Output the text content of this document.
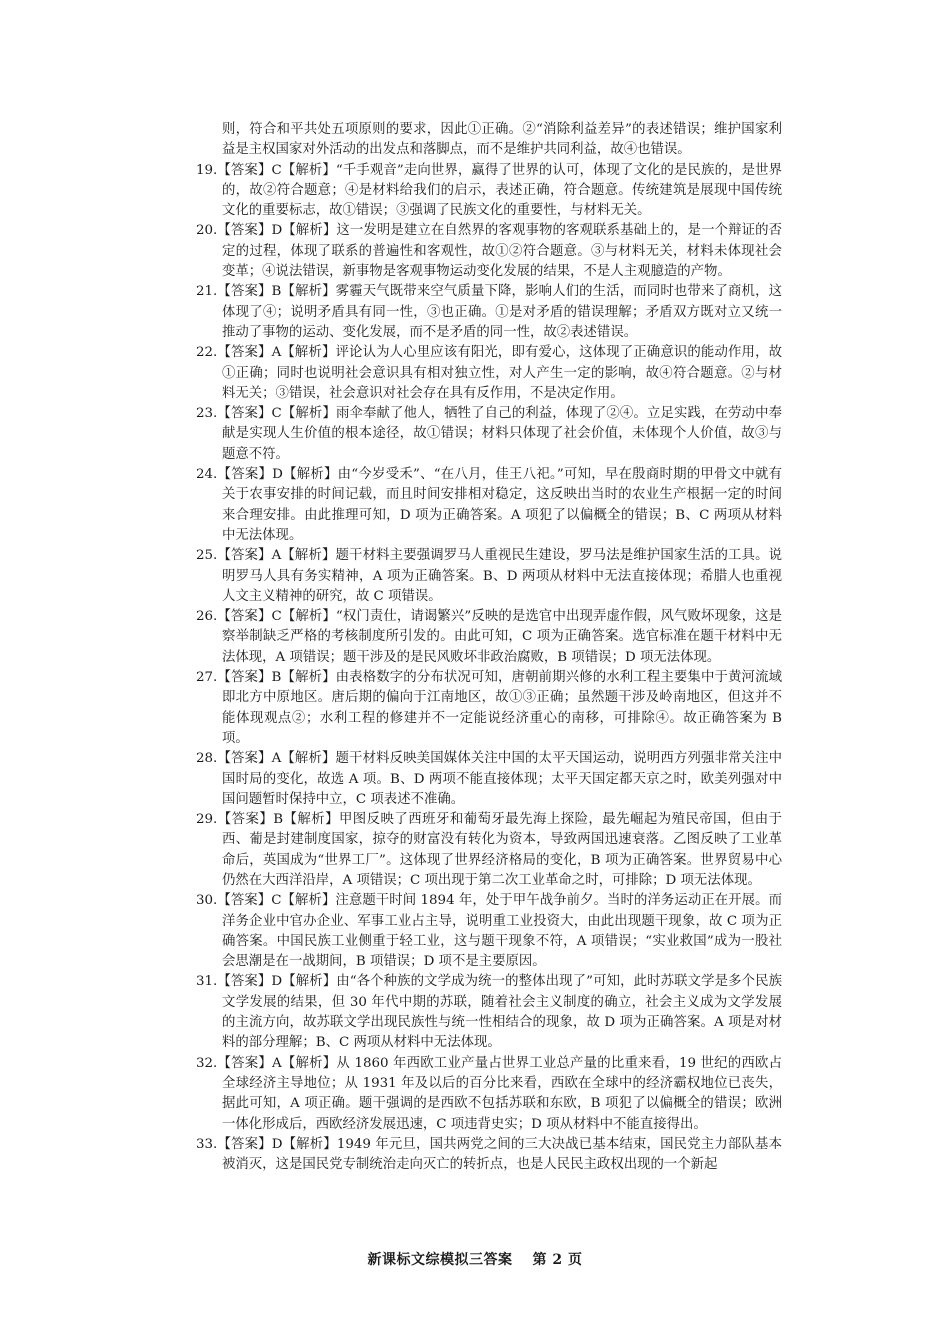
则，符合和平共处五项原则的要求，因此①正确。②“消除利益差异”的表述错误；维护国家利益是主权国家对外活动的出发点和落脚点，而不是维护共同利益，故④也错误。
19.【答案】C【解析】“千手观音”走向世界，赢得了世界的认可，体现了文化的是民族的，是世界的，故②符合题意；④是材料给我们的启示，表述正确，符合题意。传统建筑是展现中国传统文化的重要标志，故①错误；③强调了民族文化的重要性，与材料无关。
20.【答案】D【解析】这一发明是建立在自然界的客观事物的客观联系基础上的，是一个辩证的否定的过程，体现了联系的普遍性和客观性，故①②符合题意。③与材料无关，材料未体现社会变革；④说法错误，新事物是客观事物运动变化发展的结果，不是人主观臆造的产物。
21.【答案】B【解析】雾霾天气既带来空气质量下降，影响人们的生活，而同时也带来了商机，这体现了④；说明矛盾具有同一性，③也正确。①是对矛盾的错误理解；矛盾双方既对立又统一推动了事物的运动、变化发展，而不是矛盾的同一性，故②表述错误。
22.【答案】A【解析】评论认为人心里应该有阳光，即有爱心，这体现了正确意识的能动作用，故①正确；同时也说明社会意识具有相对独立性，对人产生一定的影响，故④符合题意。②与材料无关；③错误，社会意识对社会存在具有反作用，不是决定作用。
23.【答案】C【解析】雨伞奉献了他人，牺牲了自己的利益，体现了②④。立足实践，在劳动中奉献是实现人生价值的根本途径，故①错误；材料只体现了社会价值，未体现个人价值，故③与题意不符。
24.【答案】D【解析】由“今岁受禾”、“在八月，佳王八祀。”可知，早在殷商时期的甲骨文中就有关于农事安排的时间记载，而且时间安排相对稳定，这反映出当时的农业生产根据一定的时间来合理安排。由此推理可知，D 项为正确答案。A 项犯了以偏概全的错误；B、C 两项从材料中无法体现。
25.【答案】A【解析】题干材料主要强调罗马人重视民生建设，罗马法是维护国家生活的工具。说明罗马人具有务实精神，A 项为正确答案。B、D 两项从材料中无法直接体现；希腊人也重视人文主义精神的研究，故 C 项错误。
26.【答案】C【解析】“权门责仕，请谒繁兴”反映的是选官中出现弄虚作假，风气败坏现象，这是察举制缺乏严格的考核制度所引发的。由此可知，C 项为正确答案。选官标准在题干材料中无法体现，A 项错误；题干涉及的是民风败坏非政治腐败，B 项错误；D 项无法体现。
27.【答案】B【解析】由表格数字的分布状况可知，唐朝前期兴修的水利工程主要集中于黄河流域即北方中原地区。唐后期的偏向于江南地区，故①③正确；虽然题干涉及岭南地区，但这并不能体现观点②；水利工程的修建并不一定能说经济重心的南移，可排除④。故正确答案为 B 项。
28.【答案】A【解析】题干材料反映美国媒体关注中国的太平天国运动，说明西方列强非常关注中国时局的变化，故选 A 项。B、D 两项不能直接体现；太平天国定都天京之时，欧美列强对中国问题暂时保持中立，C 项表述不准确。
29.【答案】B【解析】甲图反映了西班牙和葡萄牙最先海上探险，最先崛起为殖民帝国，但由于西、葡是封建制度国家，掠夺的财富没有转化为资本，导致两国迅速衰落。乙图反映了工业革命后，英国成为“世界工厂”。这体现了世界经济格局的变化，B 项为正确答案。世界贸易中心仍然在大西洋沿岸，A 项错误；C 项出现于第二次工业革命之时，可排除；D 项无法体现。
30.【答案】C【解析】注意题干时间 1894 年，处于甲午战争前夕。当时的洋务运动正在开展。而洋务企业中官办企业、军事工业占主导，说明重工业投资大，由此出现题干现象，故 C 项为正确答案。中国民族工业侧重于轻工业，这与题干现象不符，A 项错误；“实业救国”成为一股社会思潮是在一战期间，B 项错误；D 项不是主要原因。
31.【答案】D【解析】由“各个种族的文学成为统一的整体出现了”可知，此时苏联文学是多个民族文学发展的结果，但 30 年代中期的苏联，随着社会主义制度的确立，社会主义成为文学发展的主流方向，故苏联文学出现民族性与统一性相结合的现象，故 D 项为正确答案。A 项是对材料的部分理解；B、C 两项从材料中无法体现。
32.【答案】A【解析】从 1860 年西欧工业产量占世界工业总产量的比重来看，19 世纪的西欧占全球经济主导地位；从 1931 年及以后的百分比来看，西欧在全球中的经济霸权地位已丧失，据此可知，A 项正确。题干强调的是西欧不包括苏联和东欧，B 项犯了以偏概全的错误；欧洲一体化形成后，西欧经济发展迅速，C 项违背史实；D 项从材料中不能直接得出。
33.【答案】D【解析】1949 年元旦，国共两党之间的三大决战已基本结束，国民党主力部队基本被消灭，这是国民党专制统治走向灭亡的转折点，也是人民民主政权出现的一个新起
新课标文综模拟三答案 第 2 页
